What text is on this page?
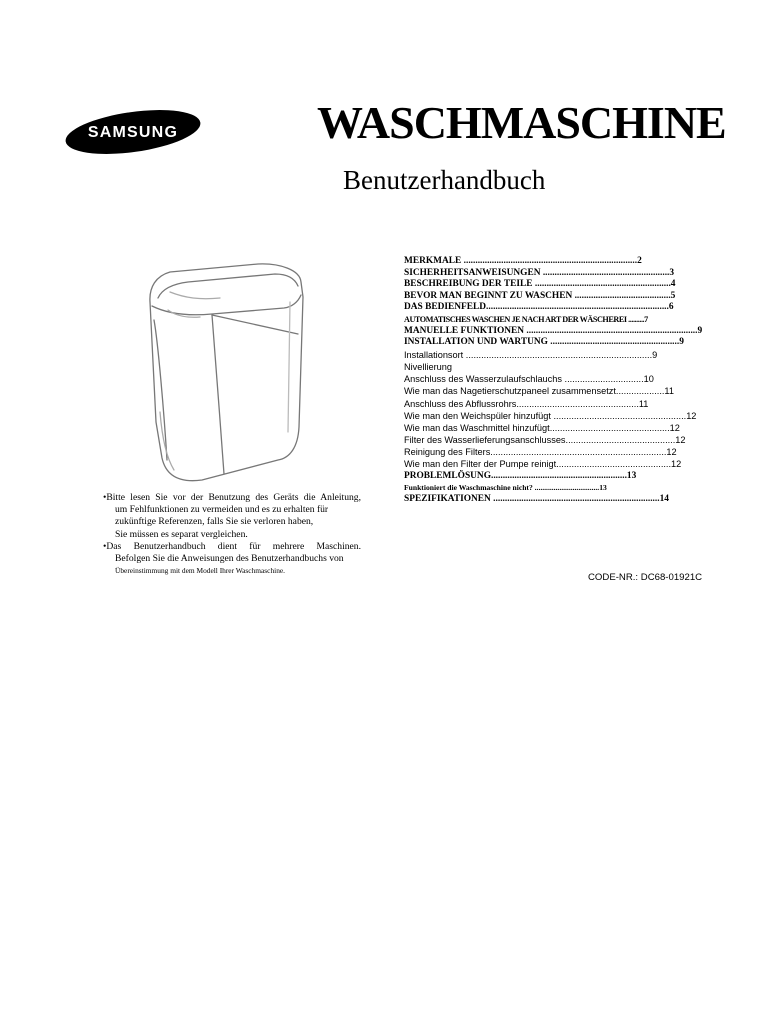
SAMSUNG	WASCHMASCHINE
Benutzerhandbuch
MERKMALE ..........................................................................2
SICHERHEITSANWEISUNGEN ......................................................3
BESCHREIBUNG DER TEILE ..........................................................4
BEVOR MAN BEGINNT ZU WASCHEN .........................................5
DAS BEDIENFELD..............................................................................6
AUTOMATISCHES WASCHEN JE NACH ART DER WÄSCHEREI ..........7
MANUELLE FUNKTIONEN .........................................................................9
INSTALLATION UND WARTUNG .......................................................9
Installationsort .........................................................................9
Nivellierung
Anschluss des Wasserzulaufschlauchs ...............................10
Wie man das Nagetierschutzpaneel zusammensetzt...................11
Anschluss des Abflussrohrs................................................11
Wie man den Weichspüler hinzufügt ....................................................12
Wie man das Waschmittel hinzufügt...............................................12
Filter des Wasserlieferungsanschlusses...........................................12
Reinigung des Filters.....................................................................12
Wie man den Filter der Pumpe reinigt.............................................12
PROBLEMLÖSUNG..........................................................13
Funktioniert die Waschmaschine nicht? ..................................13
SPEZIFIKATIONEN .......................................................................14

•Bitte lesen Sie vor der Benutzung des Geräts die Anleitung,

um Fehlfunktionen zu vermeiden und es zu erhalten für

zukünftige Referenzen, falls Sie sie verloren haben,

Sie müssen es separat vergleichen.

•Das Benutzerhandbuch dient für mehrere Maschinen.

Befolgen Sie die Anweisungen des Benutzerhandbuchs von

Übereinstimmung mit dem Modell Ihrer Waschmaschine.

CODE-NR.: DC68-01921C
